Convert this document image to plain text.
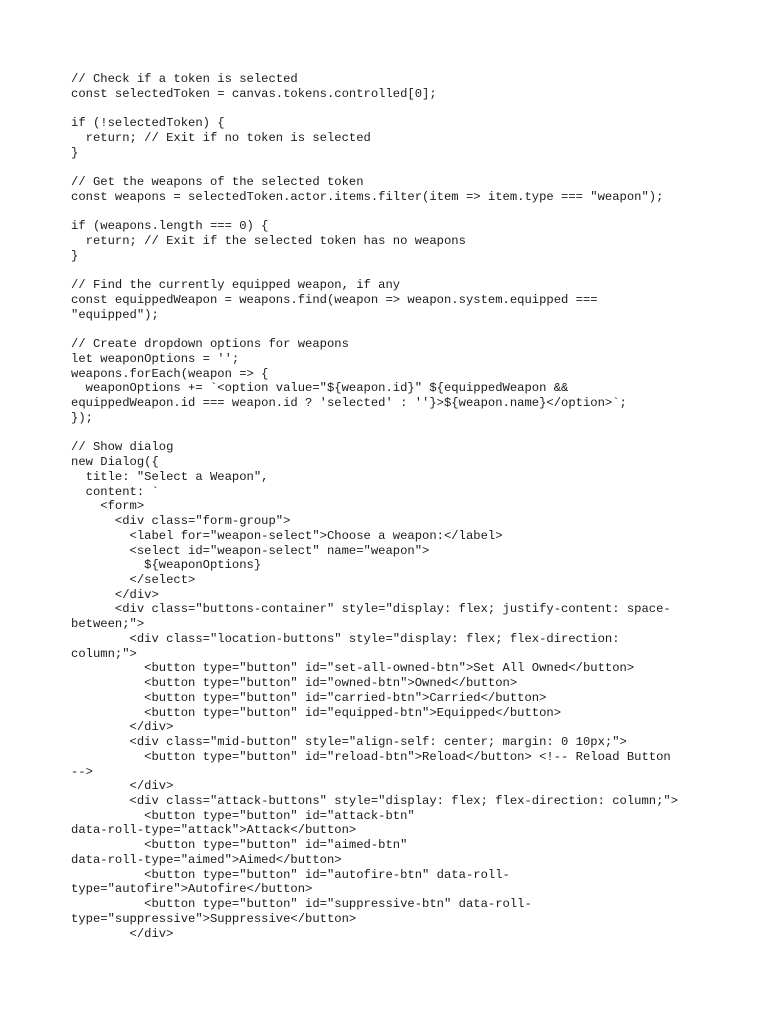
// Check if a token is selected
const selectedToken = canvas.tokens.controlled[0];
if (!selectedToken) {
return; // Exit if no token is selected
}
// Get the weapons of the selected token
const weapons = selectedToken.actor.items.filter(item => item.type === "weapon");
if (weapons.length === 0) {
return; // Exit if the selected token has no weapons
}
// Find the currently equipped weapon, if any
const equippedWeapon = weapons.find(weapon => weapon.system.equipped ===
"equipped");
// Create dropdown options for weapons
let weaponOptions = '';
weapons.forEach(weapon => {
weaponOptions += `<option value="${weapon.id}" ${equippedWeapon &&
equippedWeapon.id === weapon.id ? 'selected' : ''}>${weapon.name}</option>`;
});
// Show dialog
new Dialog({
title: "Select a Weapon",
content: `
<form>
<div class="form-group">
<label for="weapon-select">Choose a weapon:</label>
<select id="weapon-select" name="weapon">
${weaponOptions}
</select>
</div>
<div class="buttons-container" style="display: flex; justify-content: space-
between;">
<div class="location-buttons" style="display: flex; flex-direction:
column;">
<button type="button" id="set-all-owned-btn">Set All Owned</button>
<button type="button" id="owned-btn">Owned</button>
<button type="button" id="carried-btn">Carried</button>
<button type="button" id="equipped-btn">Equipped</button>
</div>
<div class="mid-button" style="align-self: center; margin: 0 10px;">
<button type="button" id="reload-btn">Reload</button> <!-- Reload Button
-->
</div>
<div class="attack-buttons" style="display: flex; flex-direction: column;">
<button type="button" id="attack-btn"
data-roll-type="attack">Attack</button>
<button type="button" id="aimed-btn"
data-roll-type="aimed">Aimed</button>
<button type="button" id="autofire-btn" data-roll-
type="autofire">Autofire</button>
<button type="button" id="suppressive-btn" data-roll-
type="suppressive">Suppressive</button>
</div>
